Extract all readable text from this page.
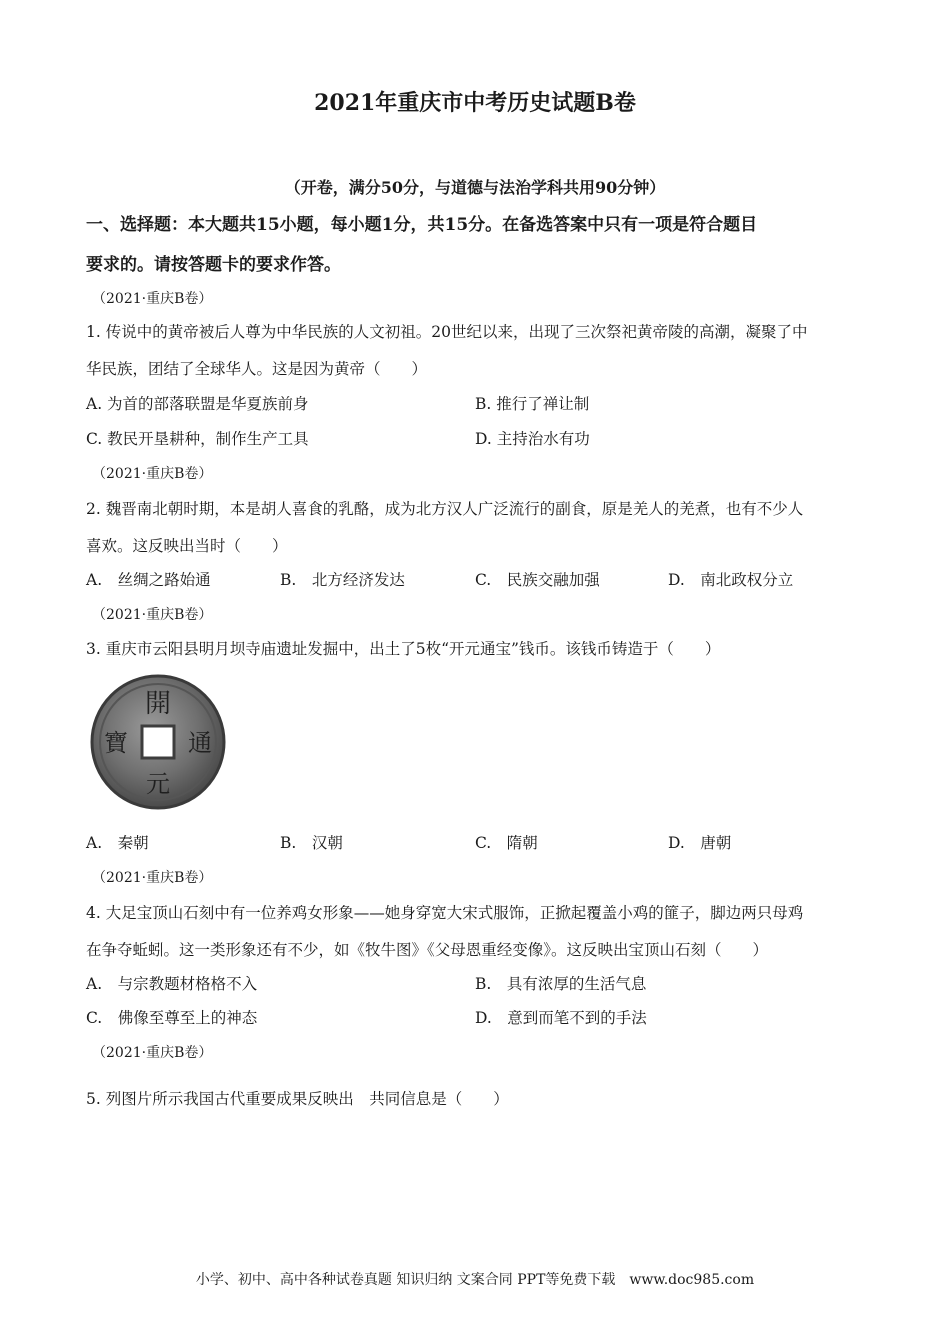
2021年重庆市中考历史试题B卷
（开卷，满分50分，与道德与法治学科共用90分钟）
一、选择题：本大题共15小题，每小题1分，共15分。在备选答案中只有一项是符合题目
要求的。请按答题卡的要求作答。
（2021·重庆B卷）
1. 传说中的黄帝被后人尊为中华民族的人文初祖。20世纪以来，出现了三次祭祀黄帝陵的高潮，凝聚了中
华民族，团结了全球华人。这是因为黄帝（　　）
A. 为首的部落联盟是华夏族前身	B. 推行了禅让制
C. 教民开垦耕种，制作生产工具	D. 主持治水有功
（2021·重庆B卷）
2. 魏晋南北朝时期，本是胡人喜食的乳酪，成为北方汉人广泛流行的副食，原是羌人的羌煮，也有不少人
喜欢。这反映出当时（　　）
A.　丝绸之路始通	B.　北方经济发达	C.　民族交融加强	D.　南北政权分立
（2021·重庆B卷）
3. 重庆市云阳县明月坝寺庙遗址发掘中，出土了5枚“开元通宝”钱币。该钱币铸造于（　　）
開
通
元
寶
A.　秦朝	B.　汉朝	C.　隋朝	D.　唐朝
（2021·重庆B卷）
4. 大足宝顶山石刻中有一位养鸡女形象——她身穿宽大宋式服饰，正掀起覆盖小鸡的篚子，脚边两只母鸡
在争夺蚯蚓。这一类形象还有不少，如《牧牛图》《父母恩重经变像》。这反映出宝顶山石刻（　　）
A.　与宗教题材格格不入	B.　具有浓厚的生活气息
C.　佛像至尊至上的神态	D.　意到而笔不到的手法
（2021·重庆B卷）
5. 列图片所示我国古代重要成果反映出　共同信息是（　　）
小学、初中、高中各种试卷真题 知识归纳 文案合同 PPT等免费下载　www.doc985.com
